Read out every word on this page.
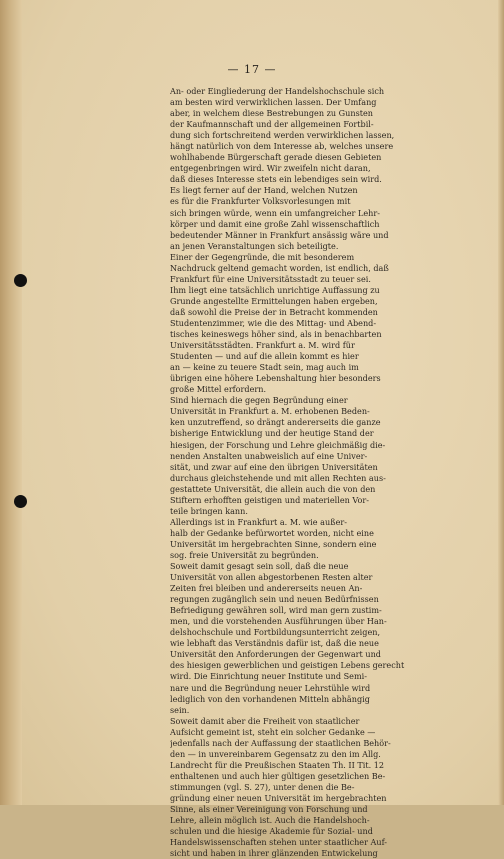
— 17 —
An- oder Eingliederung der Handelshochschule sich
am besten wird verwirklichen lassen. Der Umfang
aber, in welchem diese Bestrebungen zu Gunsten
der Kaufmannschaft und der allgemeinen Fortbil-
dung sich fortschreitend werden verwirklichen lassen,
hängt natürlich von dem Interesse ab, welches unsere
wohlhabende Bürgerschaft gerade diesen Gebieten
entgegenbringen wird. Wir zweifeln nicht daran,
daß dieses Interesse stets ein lebendiges sein wird.
Es liegt ferner auf der Hand, welchen Nutzen
es für die Frankfurter Volksvorlesungen mit
sich bringen würde, wenn ein umfangreicher Lehr-
körper und damit eine große Zahl wissenschaftlich
bedeutender Männer in Frankfurt ansässig wäre und
an jenen Veranstaltungen sich beteiligte.
Einer der Gegengründe, die mit besonderem
Nachdruck geltend gemacht worden, ist endlich, daß
Frankfurt für eine Universitätsstadt zu teuer sei.
Ihm liegt eine tatsächlich unrichtige Auffassung zu
Grunde angestellte Ermittelungen haben ergeben,
daß sowohl die Preise der in Betracht kommenden
Studentenzimmer, wie die des Mittag- und Abend-
tisches keineswegs höher sind, als in benachbarten
Universitätsstädten. Frankfurt a. M. wird für
Studenten — und auf die allein kommt es hier
an — keine zu teuere Stadt sein, mag auch im
übrigen eine höhere Lebenshaltung hier besonders
große Mittel erfordern.
Sind hiernach die gegen Begründung einer
Universität in Frankfurt a. M. erhobenen Beden-
ken unzutreffend, so drängt andererseits die ganze
bisherige Entwicklung und der heutige Stand der
hiesigen, der Forschung und Lehre gleichmäßig die-
nenden Anstalten unabweislich auf eine Univer-
sität, und zwar auf eine den übrigen Universitäten
durchaus gleichstehende und mit allen Rechten aus-
gestattete Universität, die allein auch die von den
Stiftern erhofften geistigen und materiellen Vor-
teile bringen kann.
Allerdings ist in Frankfurt a. M. wie außer-
halb der Gedanke befürwortet worden, nicht eine
Universität im hergebrachten Sinne, sondern eine
sog. freie Universität zu begründen.
Soweit damit gesagt sein soll, daß die neue
Universität von allen abgestorbenen Resten alter
Zeiten frei bleiben und andererseits neuen An-
regungen zugänglich sein und neuen Bedürfnissen
Befriedigung gewähren soll, wird man gern zustim-
men, und die vorstehenden Ausführungen über Han-
delshochschule und Fortbildungsunterricht zeigen,
wie lebhaft das Verständnis dafür ist, daß die neue
Universität den Anforderungen der Gegenwart und
des hiesigen gewerblichen und geistigen Lebens gerecht
wird. Die Einrichtung neuer Institute und Semi-
nare und die Begründung neuer Lehrstühle wird
lediglich von den vorhandenen Mitteln abhängig
sein.
Soweit damit aber die Freiheit von staatlicher
Aufsicht gemeint ist, steht ein solcher Gedanke —
jedenfalls nach der Auffassung der staatlichen Behör-
den — in unvereinbarem Gegensatz zu den im Allg.
Landrecht für die Preußischen Staaten Th. II Tit. 12
enthaltenen und auch hier gültigen gesetzlichen Be-
stimmungen (vgl. S. 27), unter denen die Be-
gründung einer neuen Universität im hergebrachten
Sinne, als einer Vereinigung von Forschung und
Lehre, allein möglich ist. Auch die Handelshoch-
schulen und die hiesige Akademie für Sozial- und
Handelswissenschaften stehen unter staatlicher Auf-
sicht und haben in ihrer glänzenden Entwickelung
